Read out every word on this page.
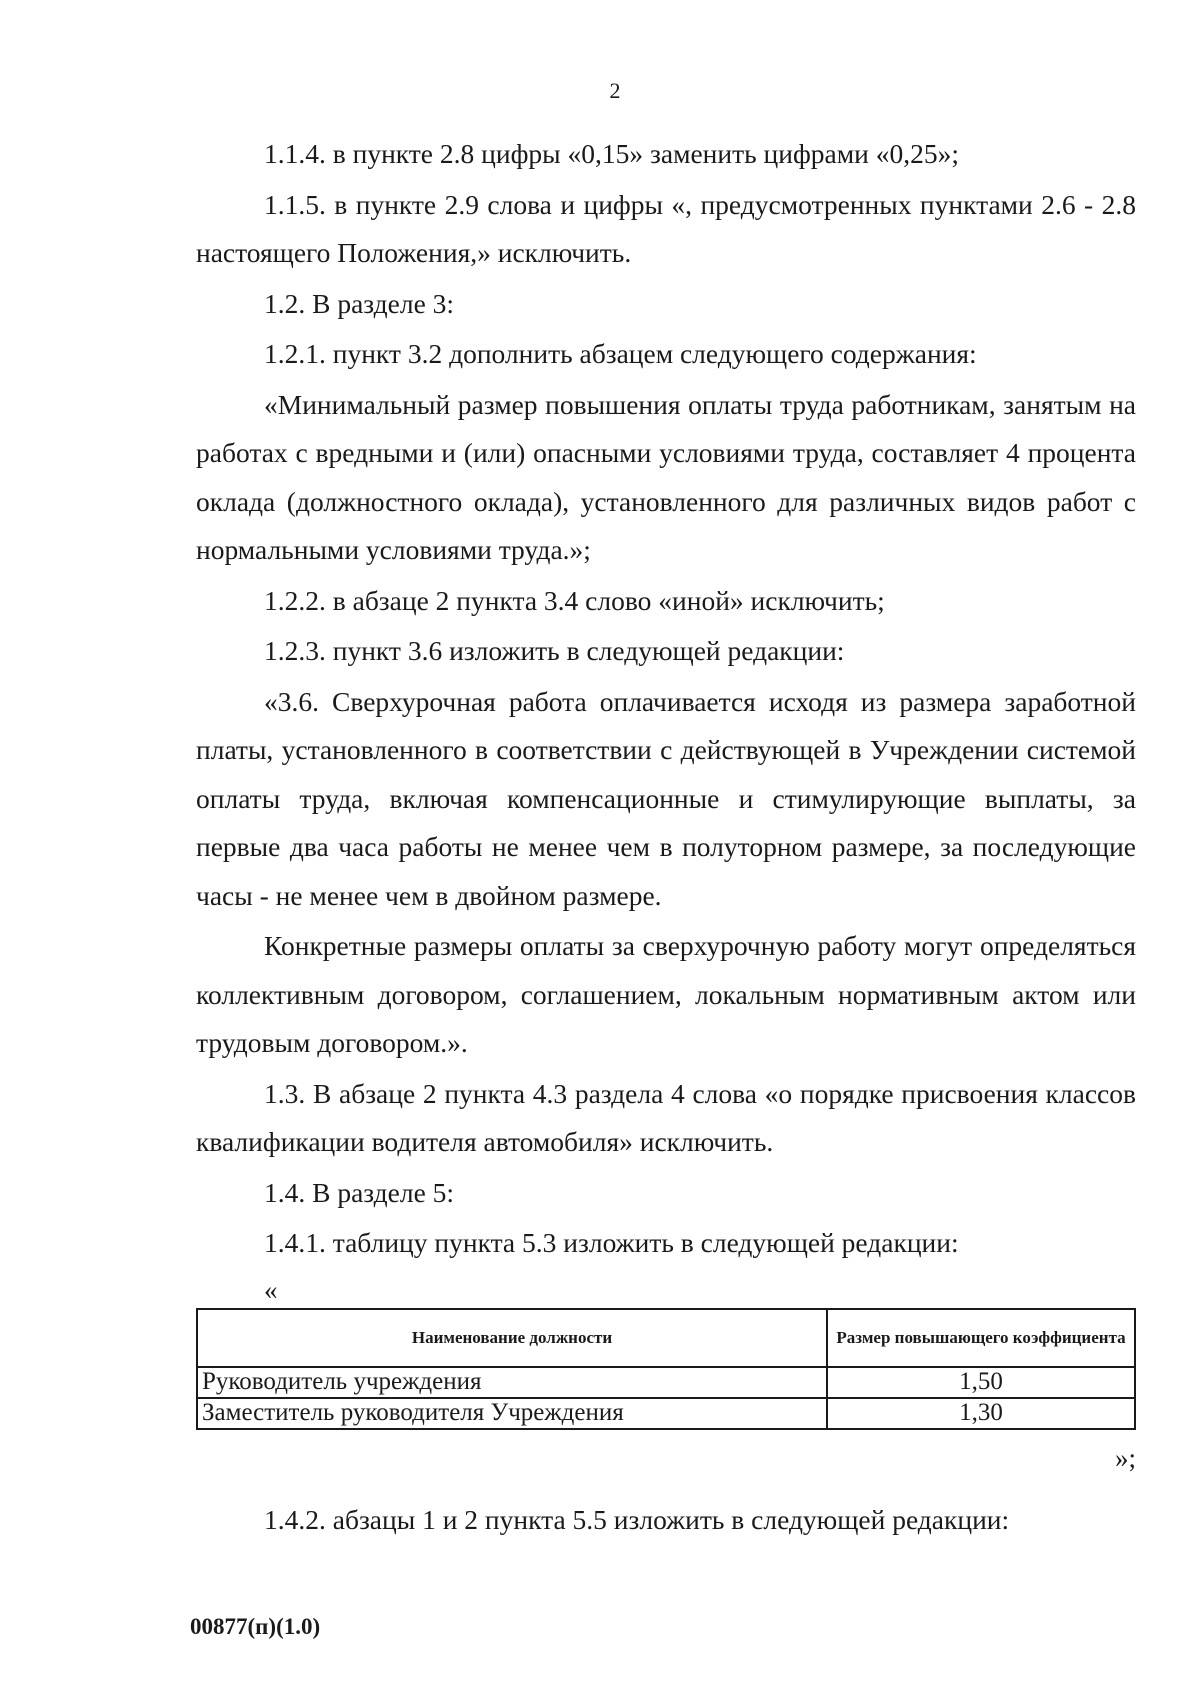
2

1.1.4. в пункте 2.8 цифры «0,15» заменить цифрами «0,25»;

1.1.5. в пункте 2.9 слова и цифры «, предусмотренных пунктами 2.6 - 2.8 настоящего Положения,» исключить.

1.2. В разделе 3:

1.2.1. пункт 3.2 дополнить абзацем следующего содержания:

«Минимальный размер повышения оплаты труда работникам, занятым на работах с вредными и (или) опасными условиями труда, составляет 4 процента оклада (должностного оклада), установленного для различных видов работ с нормальными условиями труда.»;

1.2.2. в абзаце 2 пункта 3.4 слово «иной» исключить;

1.2.3. пункт 3.6 изложить в следующей редакции:

«3.6. Сверхурочная работа оплачивается исходя из размера заработной платы, установленного в соответствии с действующей в Учреждении системой оплаты труда, включая компенсационные и стимулирующие выплаты, за первые два часа работы не менее чем в полуторном размере, за последующие часы - не менее чем в двойном размере.

Конкретные размеры оплаты за сверхурочную работу могут определяться коллективным договором, соглашением, локальным нормативным актом или трудовым договором.».

1.3. В абзаце 2 пункта 4.3 раздела 4 слова «о порядке присвоения классов квалификации водителя автомобиля» исключить.

1.4. В разделе 5:

1.4.1. таблицу пункта 5.3 изложить в следующей редакции:

«
Наименование должности	Размер повышающего коэффициента
Руководитель учреждения	1,50
Заместитель руководителя Учреждения	1,30
»;

1.4.2. абзацы 1 и 2 пункта 5.5 изложить в следующей редакции:

00877(п)(1.0)
